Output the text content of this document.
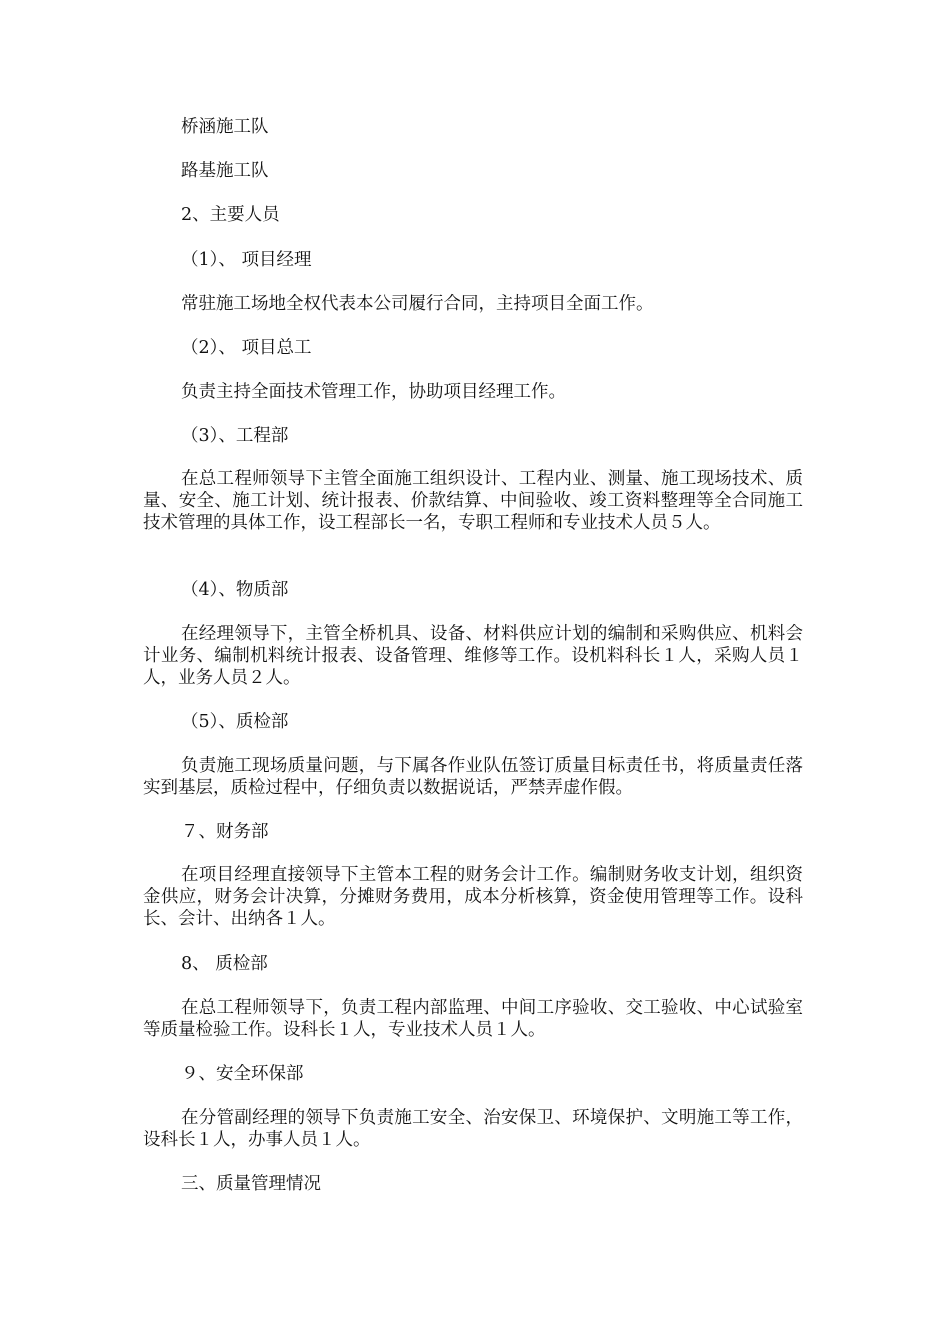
桥涵施工队

路基施工队

2、主要人员

（1）、 项目经理

常驻施工场地全权代表本公司履行合同，主持项目全面工作。

（2）、 项目总工

负责主持全面技术管理工作，协助项目经理工作。

（3）、工程部

在总工程师领导下主管全面施工组织设计、工程内业、测量、施工现场技术、质量、安全、施工计划、统计报表、价款结算、中间验收、竣工资料整理等全合同施工技术管理的具体工作，设工程部长一名，专职工程师和专业技术人员５人。

（4）、物质部

在经理领导下，主管全桥机具、设备、材料供应计划的编制和采购供应、机料会计业务、编制机料统计报表、设备管理、维修等工作。设机料科长１人，采购人员１人，业务人员２人。

（5）、质检部

负责施工现场质量问题，与下属各作业队伍签订质量目标责任书，将质量责任落实到基层，质检过程中，仔细负责以数据说话，严禁弄虚作假。

７、财务部

在项目经理直接领导下主管本工程的财务会计工作。编制财务收支计划，组织资金供应，财务会计决算，分摊财务费用，成本分析核算，资金使用管理等工作。设科长、会计、出纳各１人。

8、 质检部

在总工程师领导下，负责工程内部监理、中间工序验收、交工验收、中心试验室等质量检验工作。设科长１人，专业技术人员１人。

９、安全环保部

在分管副经理的领导下负责施工安全、治安保卫、环境保护、文明施工等工作，设科长１人，办事人员１人。

三、质量管理情况
